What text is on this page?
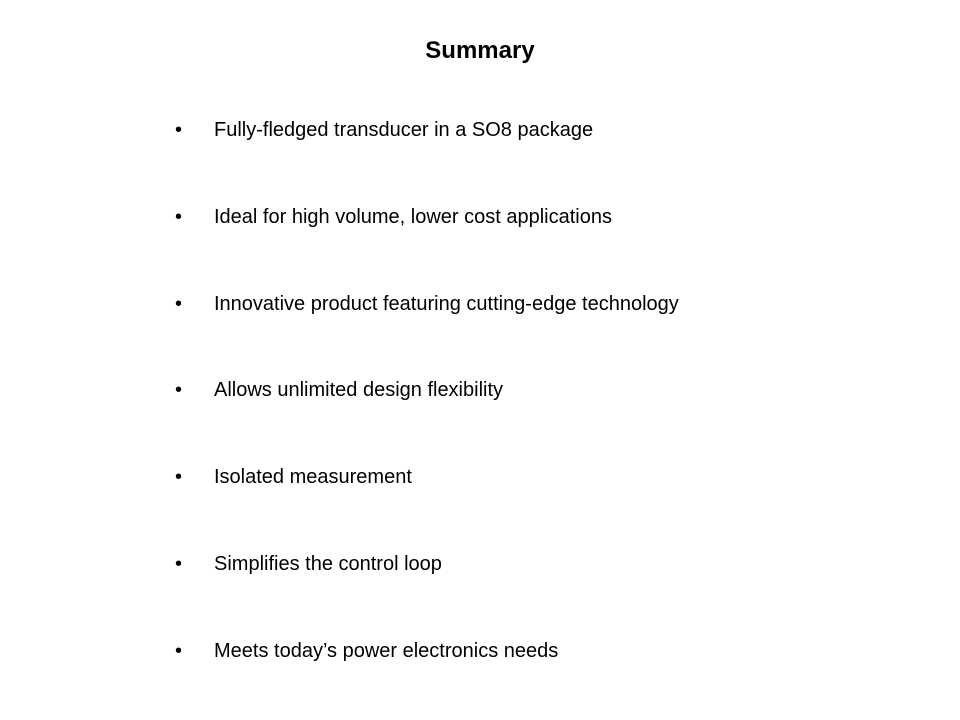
Summary
•	Fully-fledged transducer in a SO8 package
•	Ideal for high volume, lower cost applications
•	Innovative product featuring cutting-edge technology
•	Allows unlimited design flexibility
•	Isolated measurement
•	Simplifies the control loop
•	Meets today’s power electronics needs
